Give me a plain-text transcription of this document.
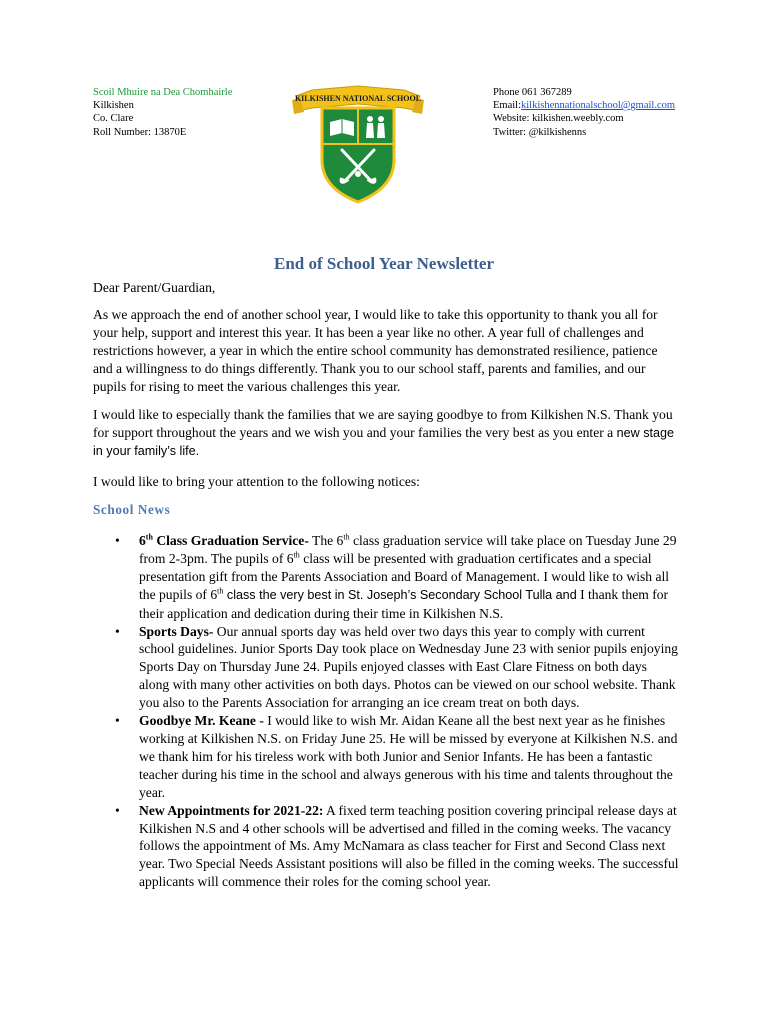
Scoil Mhuire na Dea Chomhairle
Kilkishen
Co. Clare
Roll Number: 13870E
KILKISHEN NATIONAL SCHOOL
Phone 061 367289
Email:kilkishennationalschool@gmail.com
Website: kilkishen.weebly.com
Twitter: @kilkishenns
End of School Year Newsletter
Dear Parent/Guardian,
As we approach the end of another school year, I would like to take this opportunity to thank you all for your help, support and interest this year. It has been a year like no other. A year full of challenges and restrictions however, a year in which the entire school community has demonstrated resilience, patience and a willingness to do things differently. Thank you to our school staff, parents and families, and our pupils for rising to meet the various challenges this year.
I would like to especially thank the families that we are saying goodbye to from Kilkishen N.S. Thank you for support throughout the years and we wish you and your families the very best as you enter a new stage in your family’s life.
I would like to bring your attention to the following notices:
School News
• 6th Class Graduation Service- The 6th class graduation service will take place on Tuesday June 29 from 2-3pm. The pupils of 6th class will be presented with graduation certificates and a special presentation gift from the Parents Association and Board of Management. I would like to wish all the pupils of 6th class the very best in St. Joseph’s Secondary School Tulla and I thank them for their application and dedication during their time in Kilkishen N.S.
• Sports Days- Our annual sports day was held over two days this year to comply with current school guidelines. Junior Sports Day took place on Wednesday June 23 with senior pupils enjoying Sports Day on Thursday June 24. Pupils enjoyed classes with East Clare Fitness on both days along with many other activities on both days. Photos can be viewed on our school website. Thank you also to the Parents Association for arranging an ice cream treat on both days.
• Goodbye Mr. Keane - I would like to wish Mr. Aidan Keane all the best next year as he finishes working at Kilkishen N.S. on Friday June 25. He will be missed by everyone at Kilkishen N.S. and we thank him for his tireless work with both Junior and Senior Infants. He has been a fantastic teacher during his time in the school and always generous with his time and talents throughout the year.
• New Appointments for 2021-22: A fixed term teaching position covering principal release days at Kilkishen N.S and 4 other schools will be advertised and filled in the coming weeks. The vacancy follows the appointment of Ms. Amy McNamara as class teacher for First and Second Class next year. Two Special Needs Assistant positions will also be filled in the coming weeks. The successful applicants will commence their roles for the coming school year.
